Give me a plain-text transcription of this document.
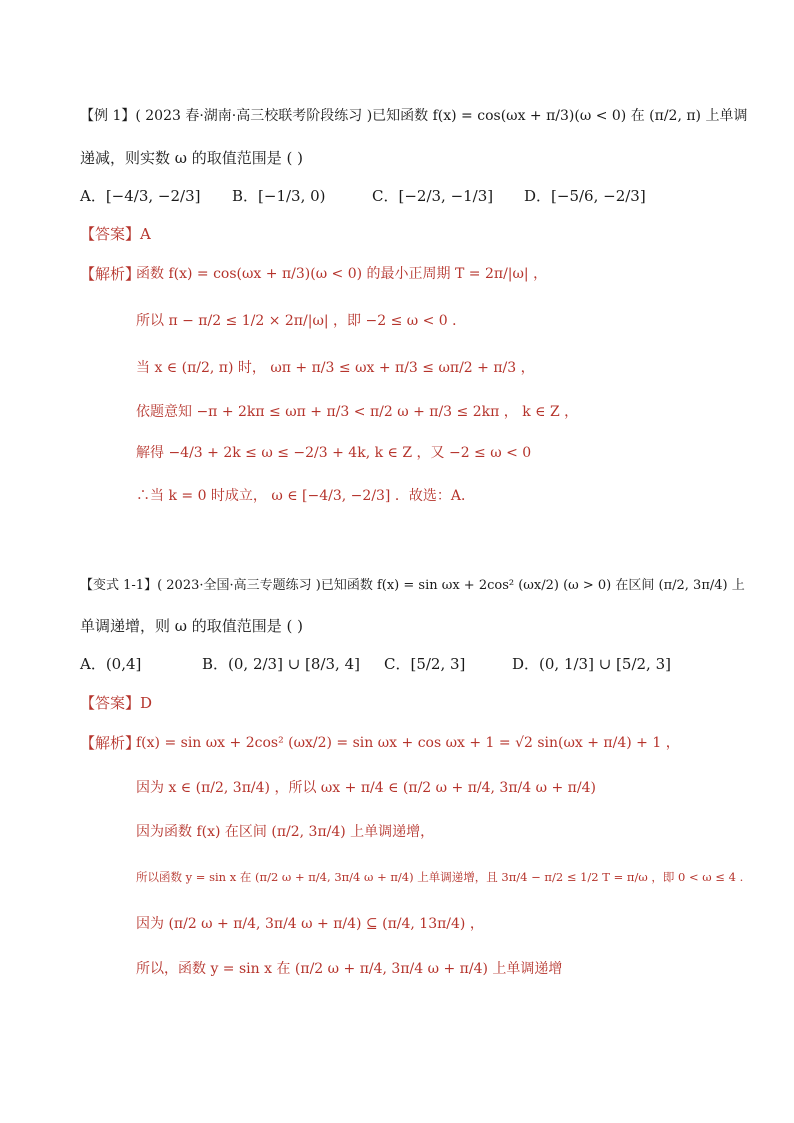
【例 1】( 2023 春·湖南·高三校联考阶段练习 )已知函数 f(x) = cos(ωx + π/3)(ω < 0) 在 (π/2, π) 上单调
递减，则实数 ω 的取值范围是 ( )
A．[−4/3, −2/3] B．[−1/3, 0)	C．[−2/3, −1/3] D．[−5/6, −2/3]
【答案】A
【解析】
函数 f(x) = cos(ωx + π/3)(ω < 0) 的最小正周期 T = 2π/|ω| ，
所以 π − π/2 ≤ 1/2 × 2π/|ω| ，即 −2 ≤ ω < 0 ．
当 x ∈ (π/2, π) 时， ωπ + π/3 ≤ ωx + π/3 ≤ ωπ/2 + π/3 ，
依题意知 −π + 2kπ ≤ ωπ + π/3 < π/2 ω + π/3 ≤ 2kπ ， k ∈ Z ，
解得 −4/3 + 2k ≤ ω ≤ −2/3 + 4k, k ∈ Z ，又 −2 ≤ ω < 0
∴当 k = 0 时成立， ω ∈ [−4/3, −2/3] ．故选：A．
【变式 1-1】( 2023·全国·高三专题练习 )已知函数 f(x) = sin ωx + 2cos² (ωx/2) (ω > 0) 在区间 (π/2, 3π/4) 上
单调递增，则 ω 的取值范围是 ( )
A．(0,4]	B．(0, 2/3] ∪ [8/3, 4] C．[5/2, 3]	D．(0, 1/3] ∪ [5/2, 3]
【答案】D
【解析】
f(x) = sin ωx + 2cos² (ωx/2) = sin ωx + cos ωx + 1 = √2 sin(ωx + π/4) + 1 ，
因为 x ∈ (π/2, 3π/4) ，所以 ωx + π/4 ∈ (π/2 ω + π/4, 3π/4 ω + π/4)
因为函数 f(x) 在区间 (π/2, 3π/4) 上单调递增，
所以函数 y = sin x 在 (π/2 ω + π/4, 3π/4 ω + π/4) 上单调递增，且 3π/4 − π/2 ≤ 1/2 T = π/ω ，即 0 < ω ≤ 4 .
因为 (π/2 ω + π/4, 3π/4 ω + π/4) ⊆ (π/4, 13π/4) ，
所以，函数 y = sin x 在 (π/2 ω + π/4, 3π/4 ω + π/4) 上单调递增
